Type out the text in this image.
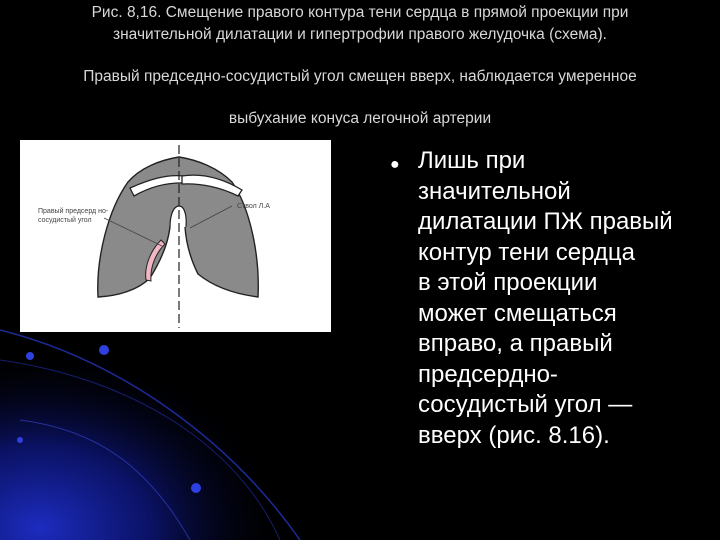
Рис. 8,16. Смещение правого контура тени сердца в прямой проекции при
значительной дилатации и гипертрофии правого желудочка (схема).
Правый председно-сосудистый угол смещен вверх, наблюдается умеренное
выбухание конуса легочной артерии
Правый предсерд но-сосудистый угол
Ствол Л.А
● Лишь при
значительной
дилатации ПЖ правый
контур тени сердца
в этой проекции
может смещаться
вправо, а правый
предсердно-
сосудистый угол —
вверх (рис. 8.16).
